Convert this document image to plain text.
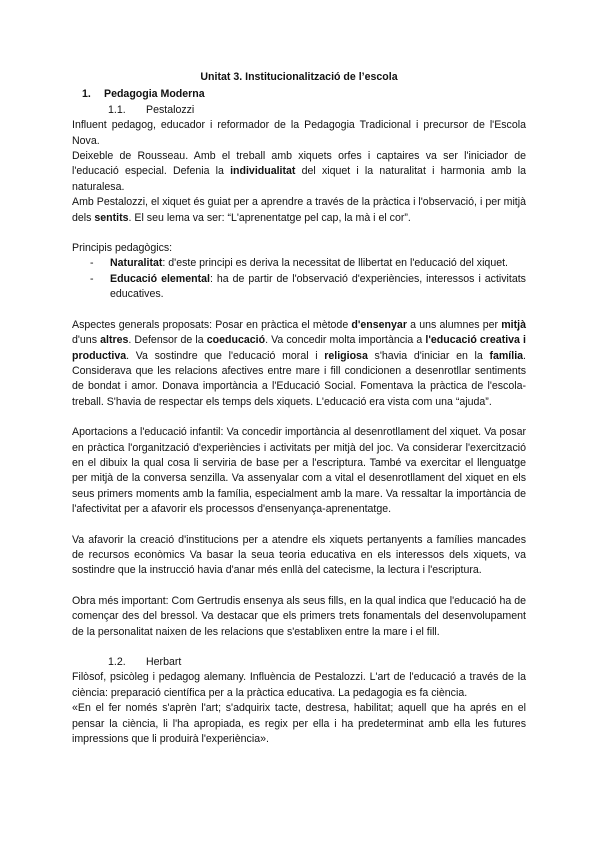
Unitat 3. Institucionalització de l’escola
1.	Pedagogia Moderna
1.1.	Pestalozzi

Influent pedagog, educador i reformador de la Pedagogia Tradicional i precursor de l'Escola Nova.

Deixeble de Rousseau. Amb el treball amb xiquets orfes i captaires va ser l'iniciador de l'educació especial. Defenia la individualitat del xiquet i la naturalitat i harmonia amb la naturalesa.

Amb Pestalozzi, el xiquet és guiat per a aprendre a través de la pràctica i l'observació, i per mitjà dels sentits. El seu lema va ser: “L'aprenentatge pel cap, la mà i el cor”.

Principis pedagògics:

- Naturalitat: d'este principi es deriva la necessitat de llibertat en l'educació del xiquet.
- Educació elemental: ha de partir de l'observació d'experiències, interessos i activitats educatives.

Aspectes generals proposats: Posar en pràctica el mètode d'ensenyar a uns alumnes per mitjà d'uns altres. Defensor de la coeducació. Va concedir molta importància a l'educació creativa i productiva. Va sostindre que l'educació moral i religiosa s'havia d'iniciar en la família. Considerava que les relacions afectives entre mare i fill condicionen a desenrotllar sentiments de bondat i amor. Donava importància a l'Educació Social. Fomentava la pràctica de l'escola-treball. S'havia de respectar els temps dels xiquets. L'educació era vista com una “ajuda”.

Aportacions a l'educació infantil: Va concedir importància al desenrotllament del xiquet. Va posar en pràctica l'organització d'experiències i activitats per mitjà del joc. Va considerar l'exercització en el dibuix la qual cosa li serviria de base per a l'escriptura. També va exercitar el llenguatge per mitjà de la conversa senzilla. Va assenyalar com a vital el desenrotllament del xiquet en els seus primers moments amb la família, especialment amb la mare. Va ressaltar la importància de l'afectivitat per a afavorir els processos d'ensenyança-aprenentatge.

Va afavorir la creació d'institucions per a atendre els xiquets pertanyents a famílies mancades de recursos econòmics Va basar la seua teoria educativa en els interessos dels xiquets, va sostindre que la instrucció havia d'anar més enllà del catecisme, la lectura i l'escriptura.

Obra més important: Com Gertrudis ensenya als seus fills, en la qual indica que l'educació ha de començar des del bressol. Va destacar que els primers trets fonamentals del desenvolupament de la personalitat naixen de les relacions que s'establixen entre la mare i el fill.

1.2.	Herbart

Filòsof, psicòleg i pedagog alemany. Influència de Pestalozzi. L'art de l'educació a través de la ciència: preparació científica per a la pràctica educativa. La pedagogia es fa ciència.

«En el fer només s'aprèn l'art; s'adquirix tacte, destresa, habilitat; aquell que ha aprés en el pensar la ciència, li l'ha apropiada, es regix per ella i ha predeterminat amb ella les futures impressions que li produirà l'experiència».
